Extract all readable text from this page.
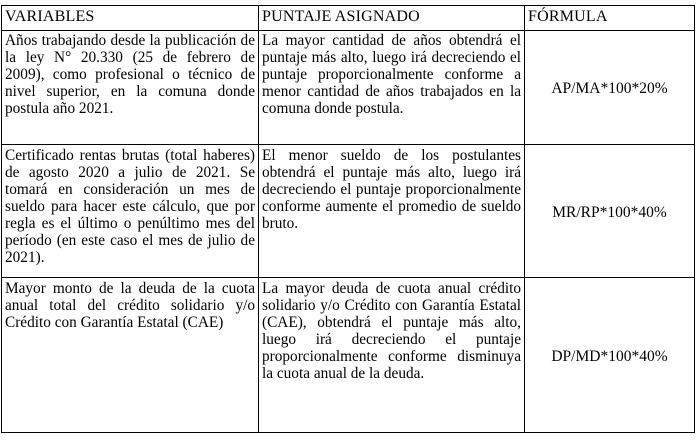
VARIABLES	PUNTAJE ASIGNADO	FÓRMULA
Años trabajando desde la publicación de la ley N° 20.330 (25 de febrero de 2009), como profesional o técnico de nivel superior, en la comuna donde postula año 2021.	La mayor cantidad de años obtendrá el puntaje más alto, luego irá decreciendo el puntaje proporcionalmente conforme a menor cantidad de años trabajados en la comuna donde postula.	AP/MA*100*20%
Certificado rentas brutas (total haberes) de agosto 2020 a julio de 2021. Se tomará en consideración un mes de sueldo para hacer este cálculo, que por regla es el último o penúltimo mes del período (en este caso el mes de julio de 2021).	El menor sueldo de los postulantes obtendrá el puntaje más alto, luego irá decreciendo el puntaje proporcionalmente conforme aumente el promedio de sueldo bruto.	MR/RP*100*40%
Mayor monto de la deuda de la cuota anual total del crédito solidario y/o Crédito con Garantía Estatal (CAE)	La mayor deuda de cuota anual crédito solidario y/o Crédito con Garantía Estatal (CAE), obtendrá el puntaje más alto, luego irá decreciendo el puntaje proporcionalmente conforme disminuya la cuota anual de la deuda.	DP/MD*100*40%
